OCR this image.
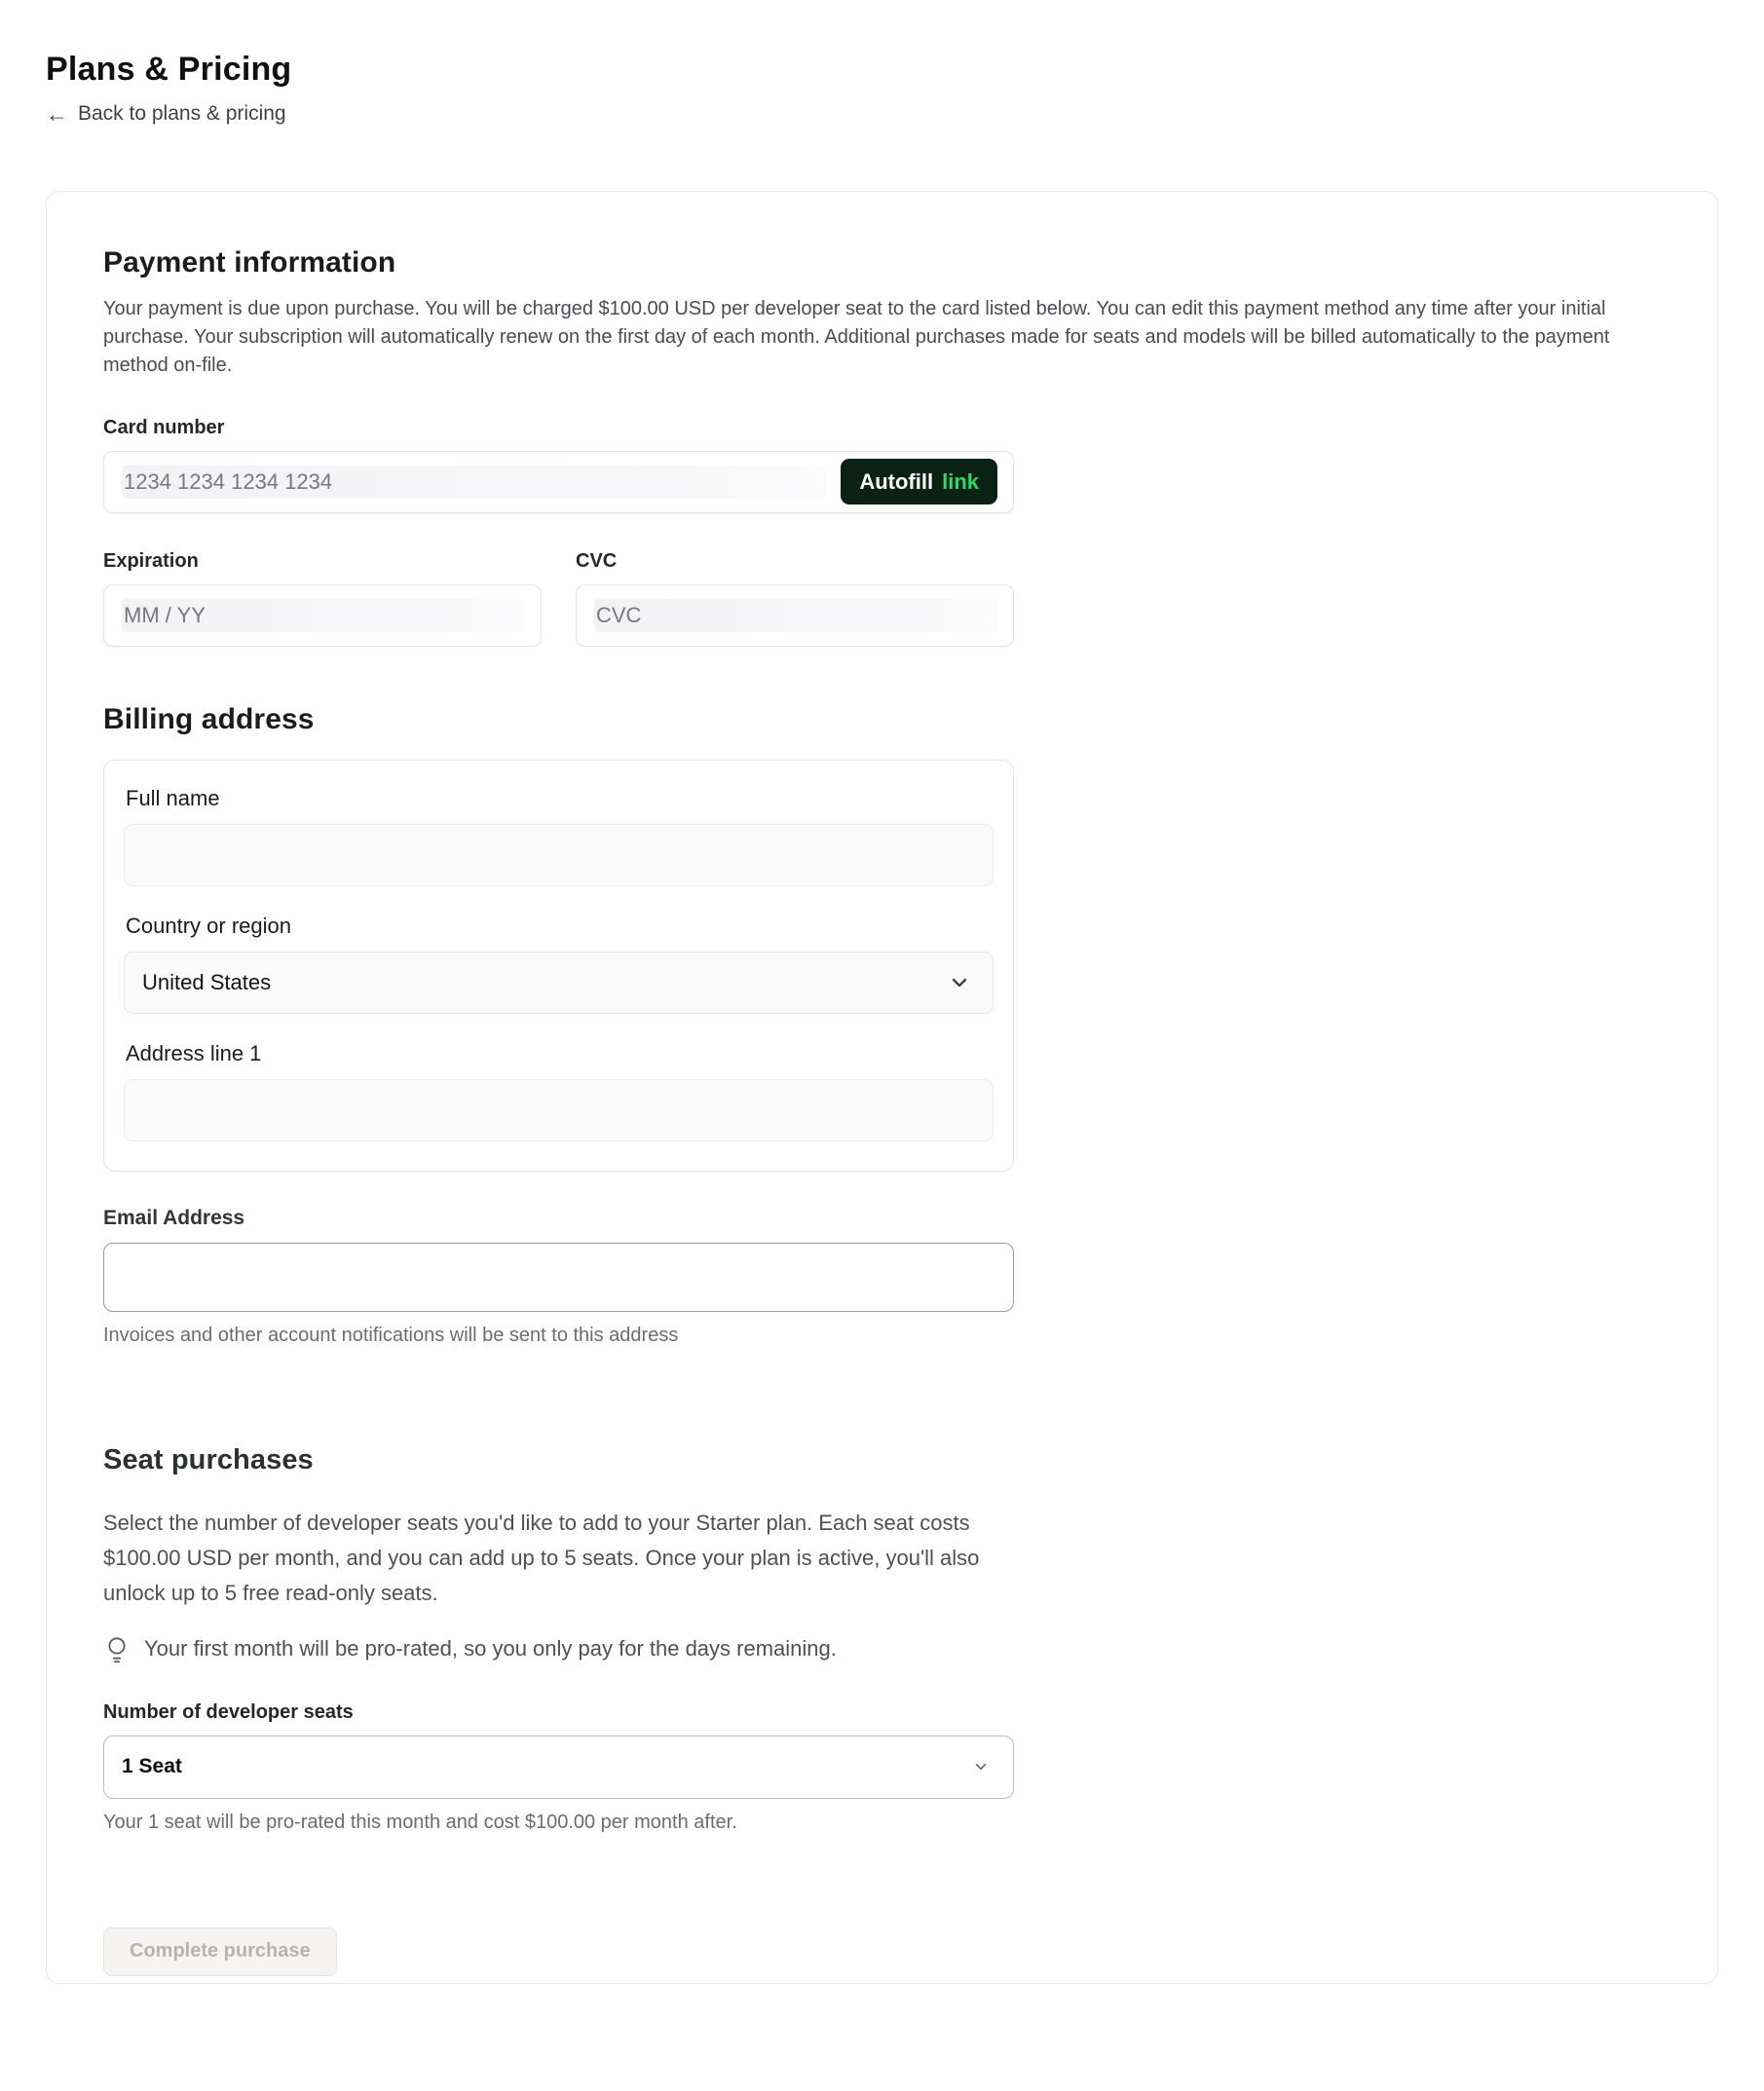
Plans & Pricing
← Back to plans & pricing
Payment information

Your payment is due upon purchase. You will be charged $100.00 USD per developer seat to the card listed below. You can edit this payment method any time after your initial purchase. Your subscription will automatically renew on the first day of each month. Additional purchases made for seats and models will be billed automatically to the payment method on-file.

Card number
1234 1234 1234 1234	Autofill link
Expiration
MM / YY
CVC
CVC
Billing address
Full name
Country or region
United States
Address line 1
Email Address

Invoices and other account notifications will be sent to this address

Seat purchases

Select the number of developer seats you'd like to add to your Starter plan. Each seat costs $100.00 USD per month, and you can add up to 5 seats. Once your plan is active, you'll also unlock up to 5 free read-only seats.

Your first month will be pro-rated, so you only pay for the days remaining.
Number of developer seats
1 Seat

Your 1 seat will be pro-rated this month and cost $100.00 per month after.

Complete purchase
